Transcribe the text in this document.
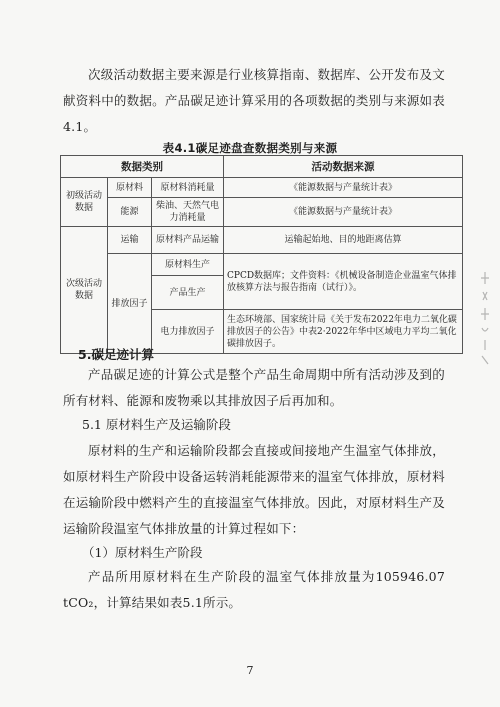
次级活动数据主要来源是行业核算指南、数据库、公开发布及文献资料中的数据。产品碳足迹计算采用的各项数据的类别与来源如表4.1。

表4.1碳足迹盘查数据类别与来源
数据类别			活动数据来源
初级活动数据	原材料	原材料消耗量	《能源数据与产量统计表》
	能源	柴油、天然气电力消耗量	《能源数据与产量统计表》
次级活动数据	运输	原材料产品运输	运输起始地、目的地距离估算
	排放因子	原材料生产	CPCD数据库；文件资料：《机械设备制造企业温室气体排放核算方法与报告指南（试行）》。
		产品生产	
		电力排放因子	生态环境部、国家统计局《关于发布2022年电力二氧化碳排放因子的公告》中表2·2022年华中区域电力平均二氧化碳排放因子。
5.碳足迹计算

产品碳足迹的计算公式是整个产品生命周期中所有活动涉及到的所有材料、能源和废物乘以其排放因子后再加和。

5.1 原材料生产及运输阶段

原材料的生产和运输阶段都会直接或间接地产生温室气体排放，如原材料生产阶段中设备运转消耗能源带来的温室气体排放，原材料在运输阶段中燃料产生的直接温室气体排放。因此，对原材料生产及运输阶段温室气体排放量的计算过程如下：

（1）原材料生产阶段

产品所用原材料在生产阶段的温室气体排放量为105946.07 tCO₂，计算结果如表5.1所示。

7
